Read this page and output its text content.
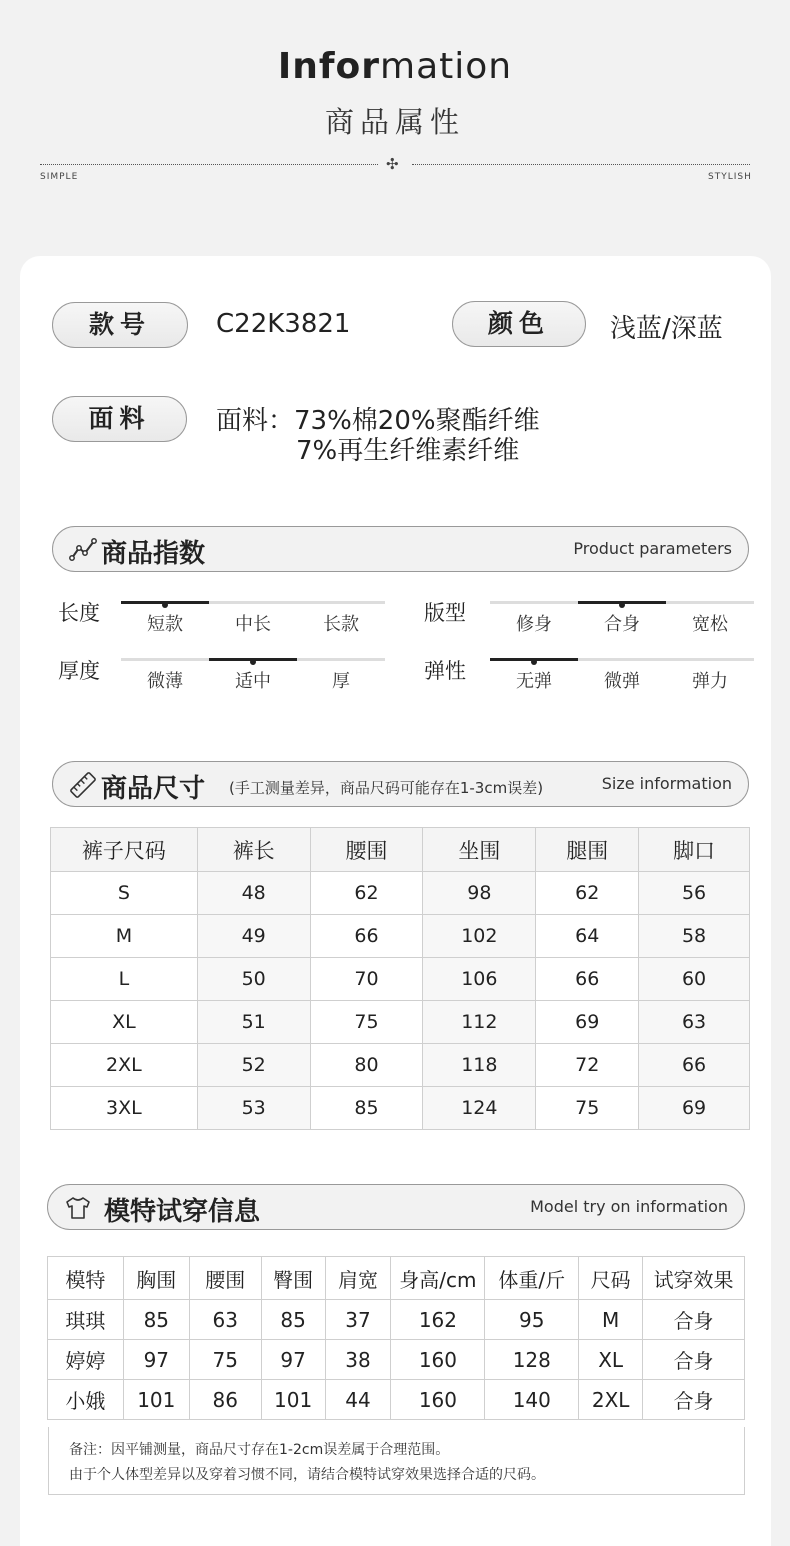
Information
商品属性
✣
SIMPLE	STYLISH
款号	C22K3821	颜色	浅蓝/深蓝
面料	面料：73%棉20%聚酯纤维
7%再生纤维素纤维
商品指数	Product parameters
长度	短款	中长	长款	版型	修身	合身	宽松
厚度	微薄	适中	厚	弹性	无弹	微弹	弹力
商品尺寸 (手工测量差异，商品尺码可能存在1-3cm误差)	Size information
裤子尺码	裤长	腰围	坐围	腿围	脚口
S	48	62	98	62	56
M	49	66	102	64	58
L	50	70	106	66	60
XL	51	75	112	69	63
2XL	52	80	118	72	66
3XL	53	85	124	75	69
模特试穿信息	Model try on information
模特	胸围	腰围	臀围	肩宽	身高/cm	体重/斤	尺码	试穿效果
琪琪	85	63	85	37	162	95	M	合身
婷婷	97	75	97	38	160	128	XL	合身
小娥	101	86	101	44	160	140	2XL	合身
备注：因平铺测量，商品尺寸存在1-2cm误差属于合理范围。
由于个人体型差异以及穿着习惯不同，请结合模特试穿效果选择合适的尺码。
